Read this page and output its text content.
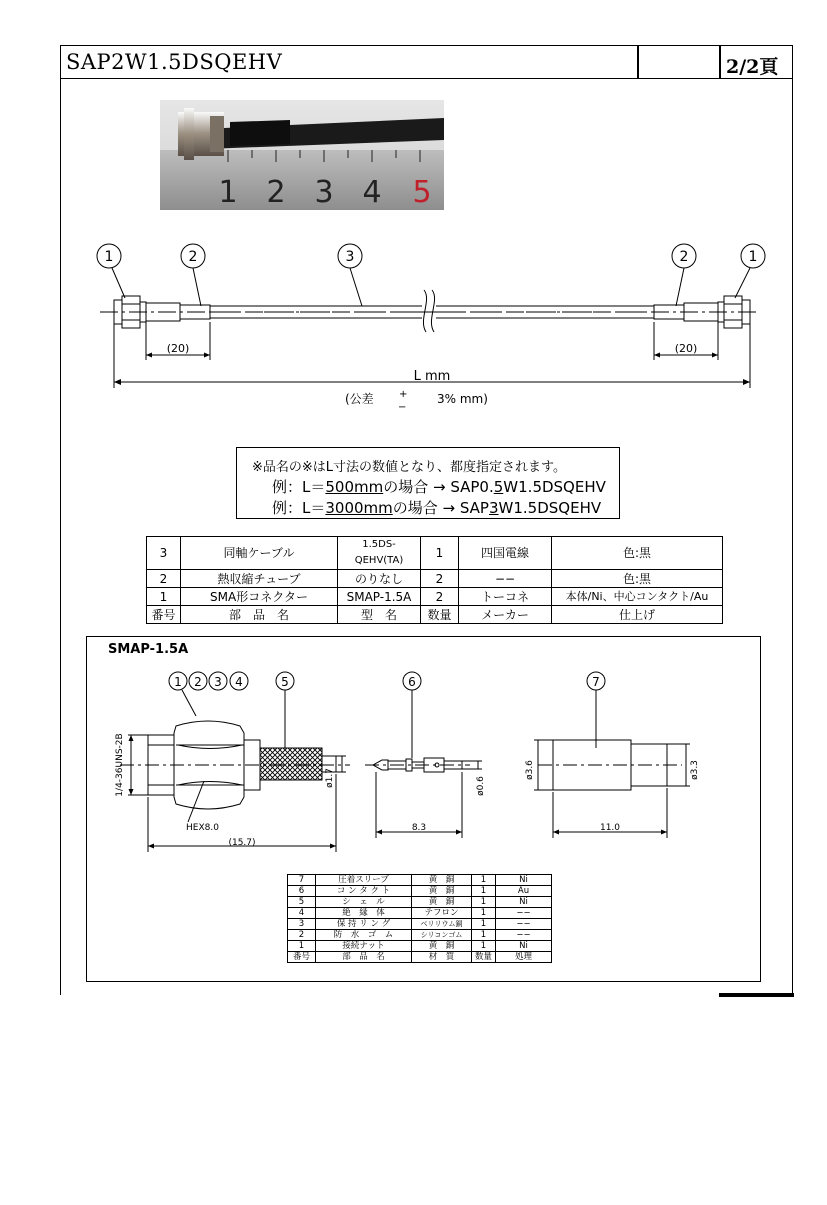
SAP2W1.5DSQEHV	2/2頁
1 2 3 4 5
1	2	3	2	1
(20)	(20)
L mm
(公差	+
−
3% mm)
※品名の※はL寸法の数値となり、都度指定されます。
例：L＝500mmの場合 → SAP0.5W1.5DSQEHV
例：L＝3000mmの場合 → SAP3W1.5DSQEHV
3	同軸ケーブル	1.5DS-QEHV(TA)	1	四国電線	色:黒
2	熱収縮チューブ	のりなし	2	−−	色:黒
1	SMA形コネクター	SMAP-1.5A	2	トーコネ	本体/Ni、中心コンタクト/Au
番号	部　品　名	型　名	数量	メーカー	仕上げ
SMAP-1.5A
1 2 3 4	5	6	7
1/4-36UNS-2B
HEX8.0
(15.7)
ø1.7
8.3
ø0.6
11.0
ø3.6	ø3.3
7	圧着スリーブ	黄　銅	1	Ni
6	コ ン タ ク ト	黄　銅	1	Au
5	シ　ェ　ル	黄　銅	1	Ni
4	絶　縁　体	テフロン	1	−−
3	保 持 リ ン グ	ベリリウム銅	1	−−
2	防　水　ゴ　ム	シリコンゴム	1	−−
1	接続ナット	黄　銅	1	Ni
番号	部　品　名	材　質	数量	処理
